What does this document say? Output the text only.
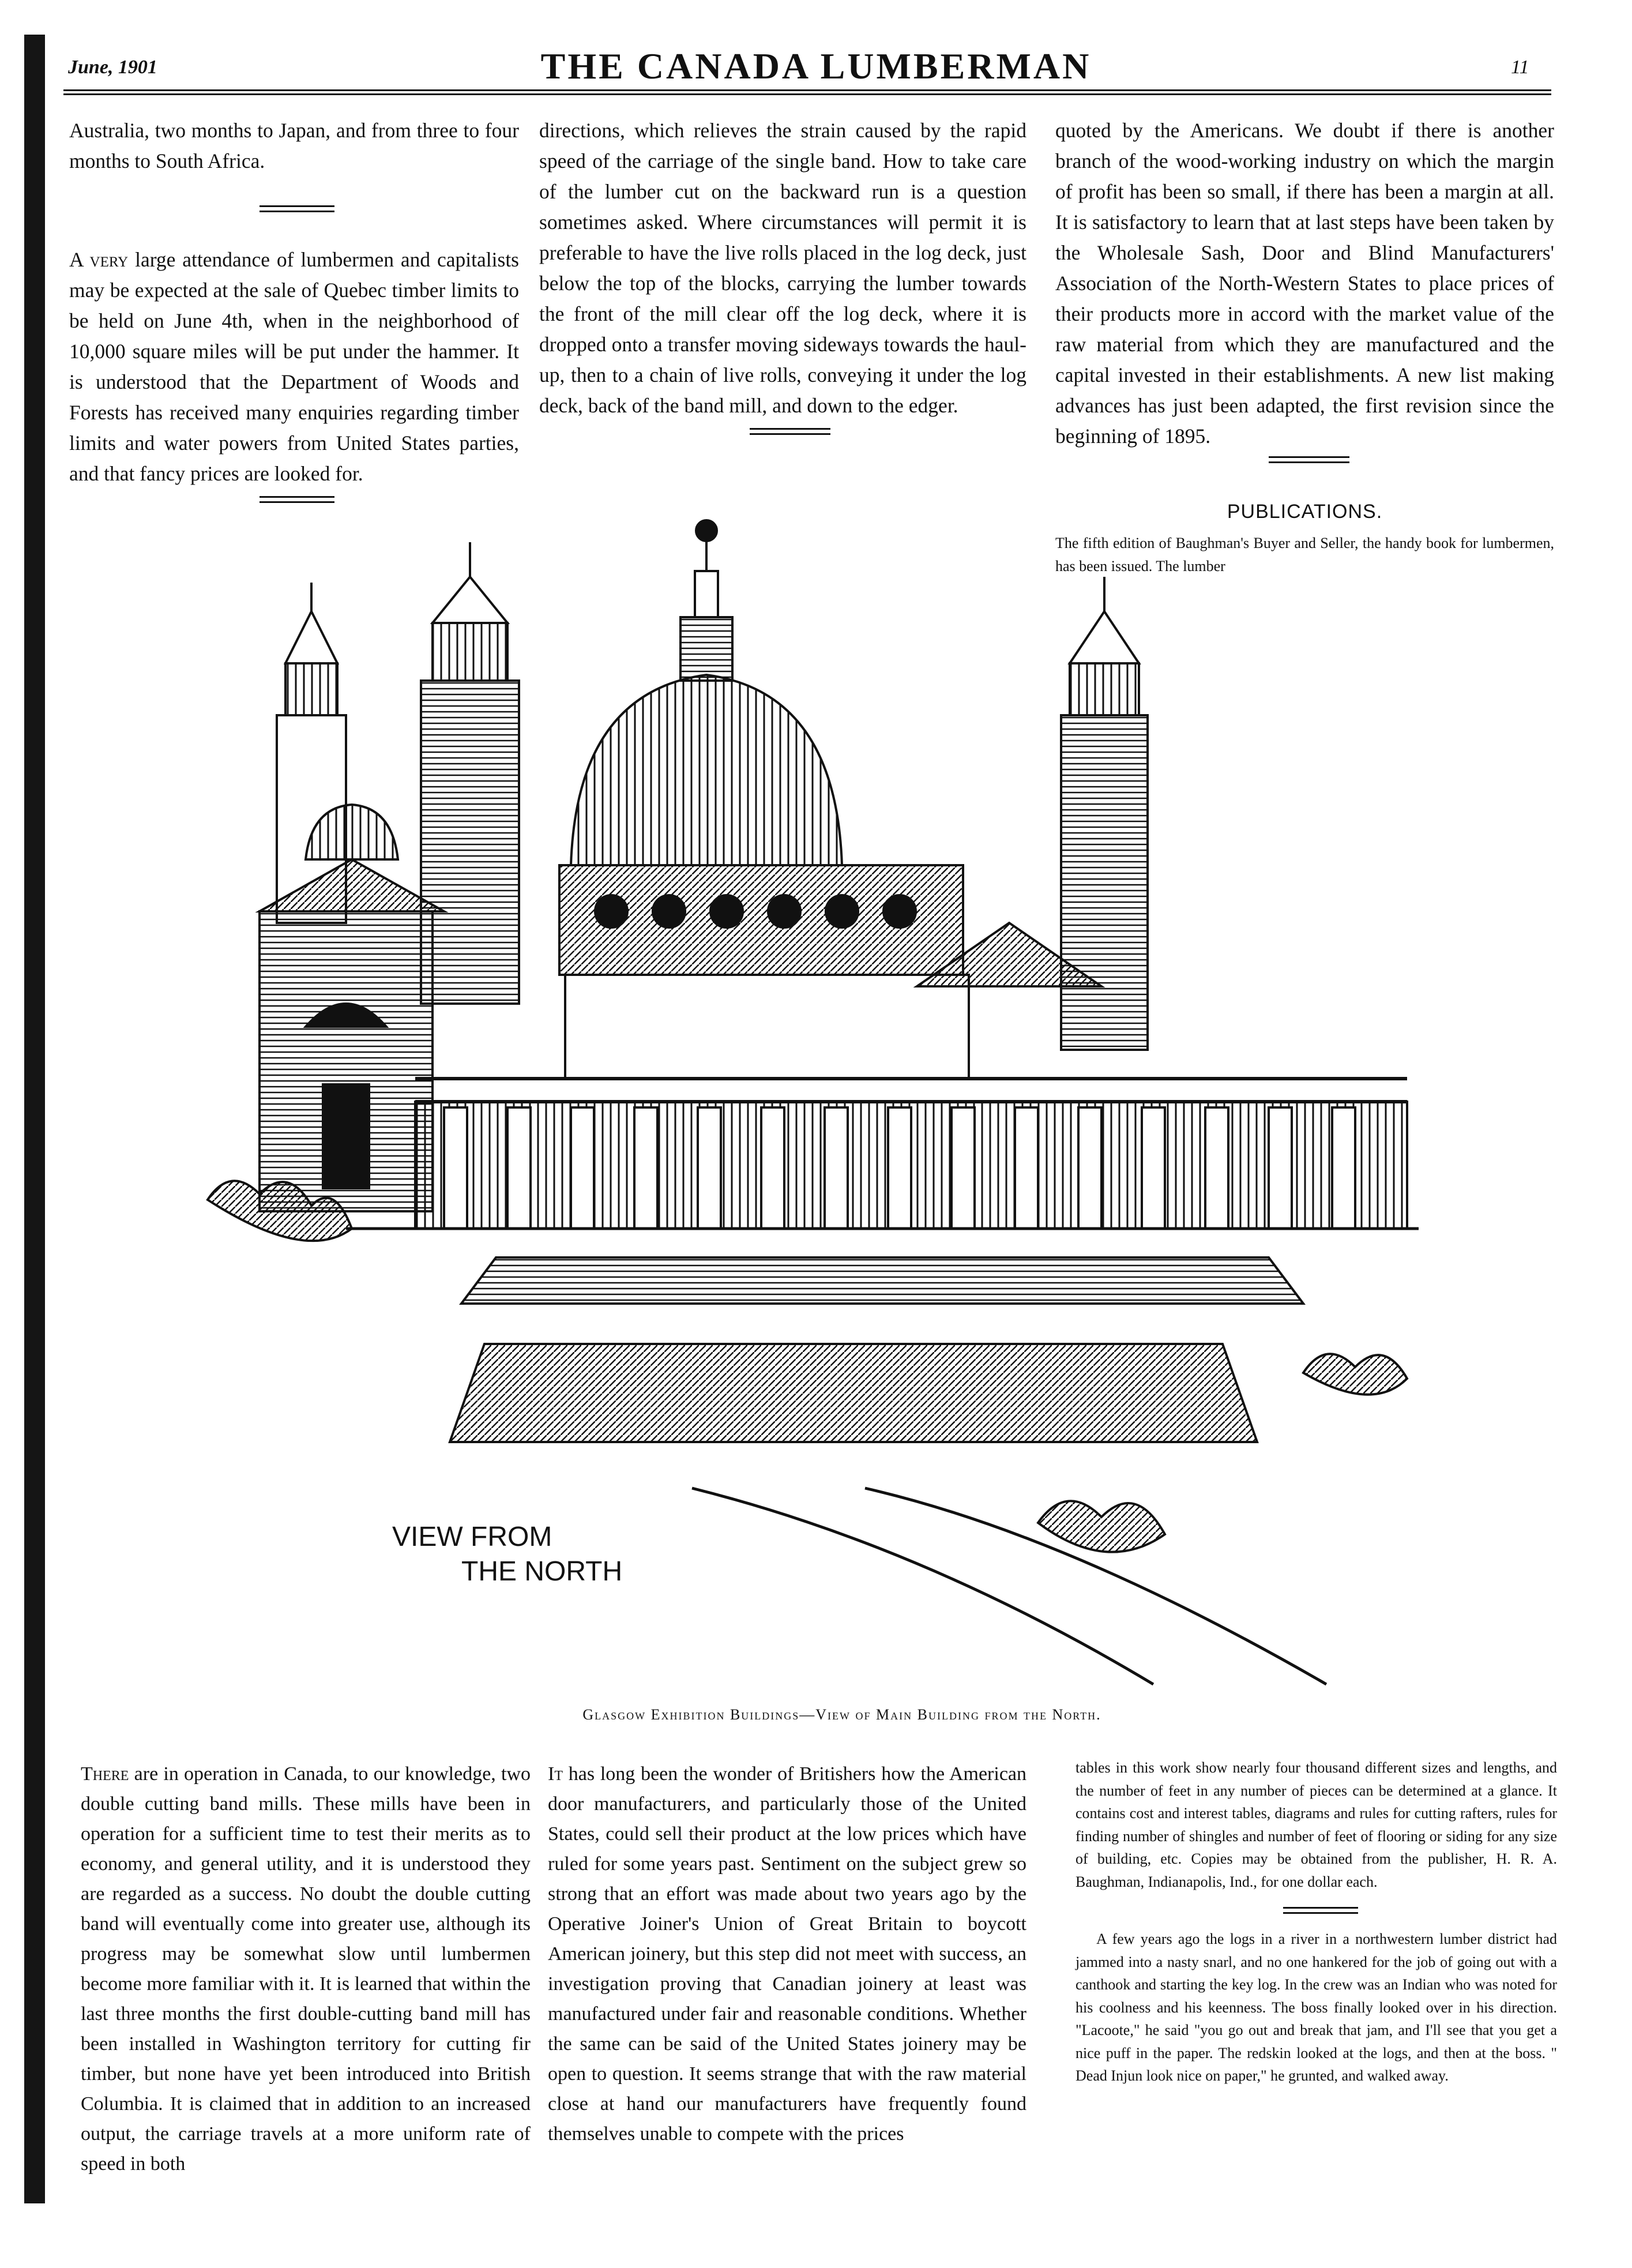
June, 1901	THE CANADA LUMBERMAN	11

Australia, two months to Japan, and from three to four months to South Africa.

A very large attendance of lumbermen and capitalists may be expected at the sale of Quebec timber limits to be held on June 4th, when in the neighborhood of 10,000 square miles will be put under the hammer. It is understood that the Department of Woods and Forests has received many enquiries regarding timber limits and water powers from United States parties, and that fancy prices are looked for.

directions, which relieves the strain caused by the rapid speed of the carriage of the single band. How to take care of the lumber cut on the backward run is a question sometimes asked. Where circumstances will permit it is preferable to have the live rolls placed in the log deck, just below the top of the blocks, carrying the lumber towards the front of the mill clear off the log deck, where it is dropped onto a transfer moving sideways towards the haul-up, then to a chain of live rolls, conveying it under the log deck, back of the band mill, and down to the edger.

quoted by the Americans. We doubt if there is another branch of the wood-working industry on which the margin of profit has been so small, if there has been a margin at all. It is satisfactory to learn that at last steps have been taken by the Wholesale Sash, Door and Blind Manufacturers' Association of the North-Western States to place prices of their products more in accord with the market value of the raw material from which they are manufactured and the capital invested in their establishments. A new list making advances has just been adapted, the first revision since the beginning of 1895.

PUBLICATIONS.

The fifth edition of Baughman's Buyer and Seller, the handy book for lumbermen, has been issued. The lumber

VIEW FROM
THE NORTH
Glasgow Exhibition Buildings—View of Main Building from the North.

There are in operation in Canada, to our knowledge, two double cutting band mills. These mills have been in operation for a sufficient time to test their merits as to economy, and general utility, and it is understood they are regarded as a success. No doubt the double cutting band will eventually come into greater use, although its progress may be somewhat slow until lumbermen become more familiar with it. It is learned that within the last three months the first double-cutting band mill has been installed in Washington territory for cutting fir timber, but none have yet been introduced into British Columbia. It is claimed that in addition to an increased output, the carriage travels at a more uniform rate of speed in both

It has long been the wonder of Britishers how the American door manufacturers, and particularly those of the United States, could sell their product at the low prices which have ruled for some years past. Sentiment on the subject grew so strong that an effort was made about two years ago by the Operative Joiner's Union of Great Britain to boycott American joinery, but this step did not meet with success, an investigation proving that Canadian joinery at least was manufactured under fair and reasonable conditions. Whether the same can be said of the United States joinery may be open to question. It seems strange that with the raw material close at hand our manufacturers have frequently found themselves unable to compete with the prices

tables in this work show nearly four thousand different sizes and lengths, and the number of feet in any number of pieces can be determined at a glance. It contains cost and interest tables, diagrams and rules for cutting rafters, rules for finding number of shingles and number of feet of flooring or siding for any size of building, etc. Copies may be obtained from the publisher, H. R. A. Baughman, Indianapolis, Ind., for one dollar each.

A few years ago the logs in a river in a northwestern lumber district had jammed into a nasty snarl, and no one hankered for the job of going out with a canthook and starting the key log. In the crew was an Indian who was noted for his coolness and his keenness. The boss finally looked over in his direction. "Lacoote," he said "you go out and break that jam, and I'll see that you get a nice puff in the paper. The redskin looked at the logs, and then at the boss. " Dead Injun look nice on paper," he grunted, and walked away.
